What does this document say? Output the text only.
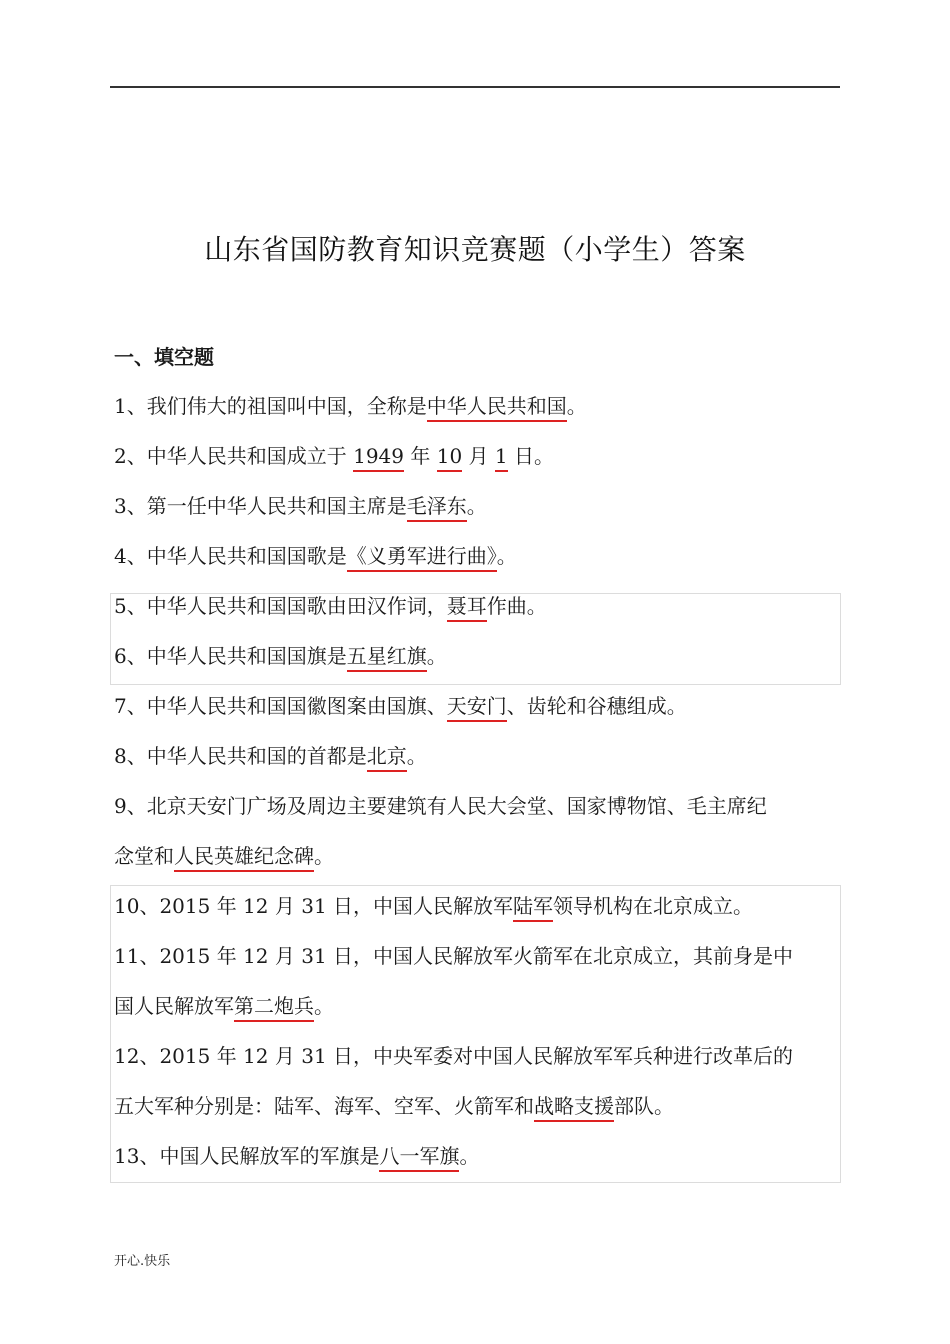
山东省国防教育知识竞赛题（小学生）答案
一、填空题
1、我们伟大的祖国叫中国，全称是中华人民共和国。
2、中华人民共和国成立于 1949 年 10 月 1 日。
3、第一任中华人民共和国主席是毛泽东。
4、中华人民共和国国歌是《义勇军进行曲》。
5、中华人民共和国国歌由田汉作词，聂耳作曲。
6、中华人民共和国国旗是五星红旗。
7、中华人民共和国国徽图案由国旗、天安门、齿轮和谷穗组成。
8、中华人民共和国的首都是北京。
9、北京天安门广场及周边主要建筑有人民大会堂、国家博物馆、毛主席纪
念堂和人民英雄纪念碑。
10、2015 年 12 月 31 日，中国人民解放军陆军领导机构在北京成立。
11、2015 年 12 月 31 日，中国人民解放军火箭军在北京成立，其前身是中
国人民解放军第二炮兵。
12、2015 年 12 月 31 日，中央军委对中国人民解放军军兵种进行改革后的
五大军种分别是：陆军、海军、空军、火箭军和战略支援部队。
13、中国人民解放军的军旗是八一军旗。
开心.快乐
